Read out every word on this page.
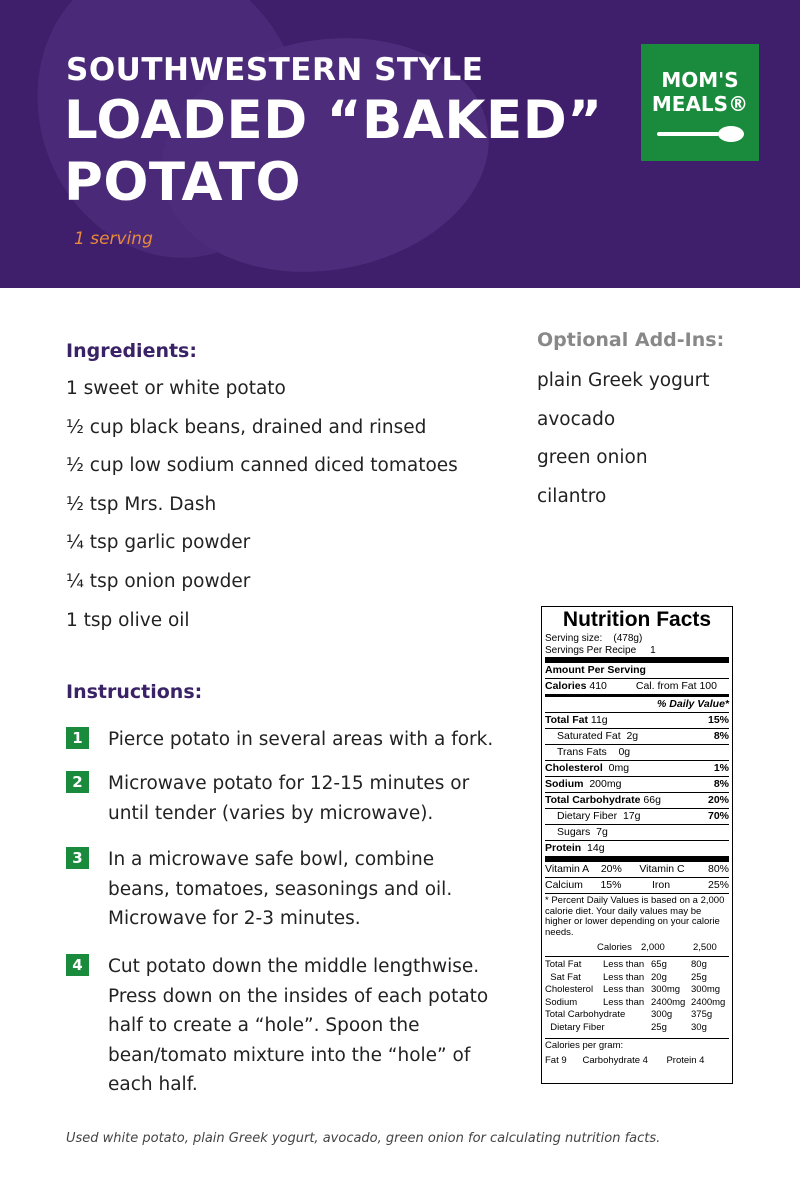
SOUTHWESTERN STYLE
LOADED “BAKED”
POTATO
1 serving
MOM'S
MEALS®
Ingredients:
1 sweet or white potato
½ cup black beans, drained and rinsed
½ cup low sodium canned diced tomatoes
½ tsp Mrs. Dash
¼ tsp garlic powder
¼ tsp onion powder
1 tsp olive oil
Optional Add-Ins:
plain Greek yogurt
avocado
green onion
cilantro
Instructions:
1	Pierce potato in several areas with a fork.
2	Microwave potato for 12-15 minutes or until tender (varies by microwave).
3	In a microwave safe bowl, combine beans, tomatoes, seasonings and oil. Microwave for 2-3 minutes.
4	Cut potato down the middle lengthwise. Press down on the insides of each potato half to create a “hole”. Spoon the bean/tomato mixture into the “hole” of each half.
Nutrition Facts
Serving size: (478g)
Servings Per Recipe 1
Amount Per Serving
Calories 410	Cal. from Fat 100
% Daily Value*
Total Fat 11g	15%
Saturated Fat 2g	8%
Trans Fats 0g
Cholesterol 0mg	1%
Sodium 200mg	8%
Total Carbohydrate 66g	20%
Dietary Fiber 17g	70%
Sugars 7g
Protein 14g
Vitamin A 20% Vitamin C 80%
Calcium 15%	Iron	25%
* Percent Daily Values is based on a 2,000 calorie diet. Your daily values may be higher or lower depending on your calorie needs.
Calories 2,000	2,500
Total Fat	Less than 65g	80g
Sat Fat	Less than 20g	25g
Cholesterol	Less than 300mg	300mg
Sodium	Less than 2400mg 2400mg
Total Carbohydrate	300g	375g
Dietary Fiber	25g	30g
Calories per gram:
Fat 9      Carbohydrate 4       Protein 4
Used white potato, plain Greek yogurt, avocado, green onion for calculating nutrition facts.
